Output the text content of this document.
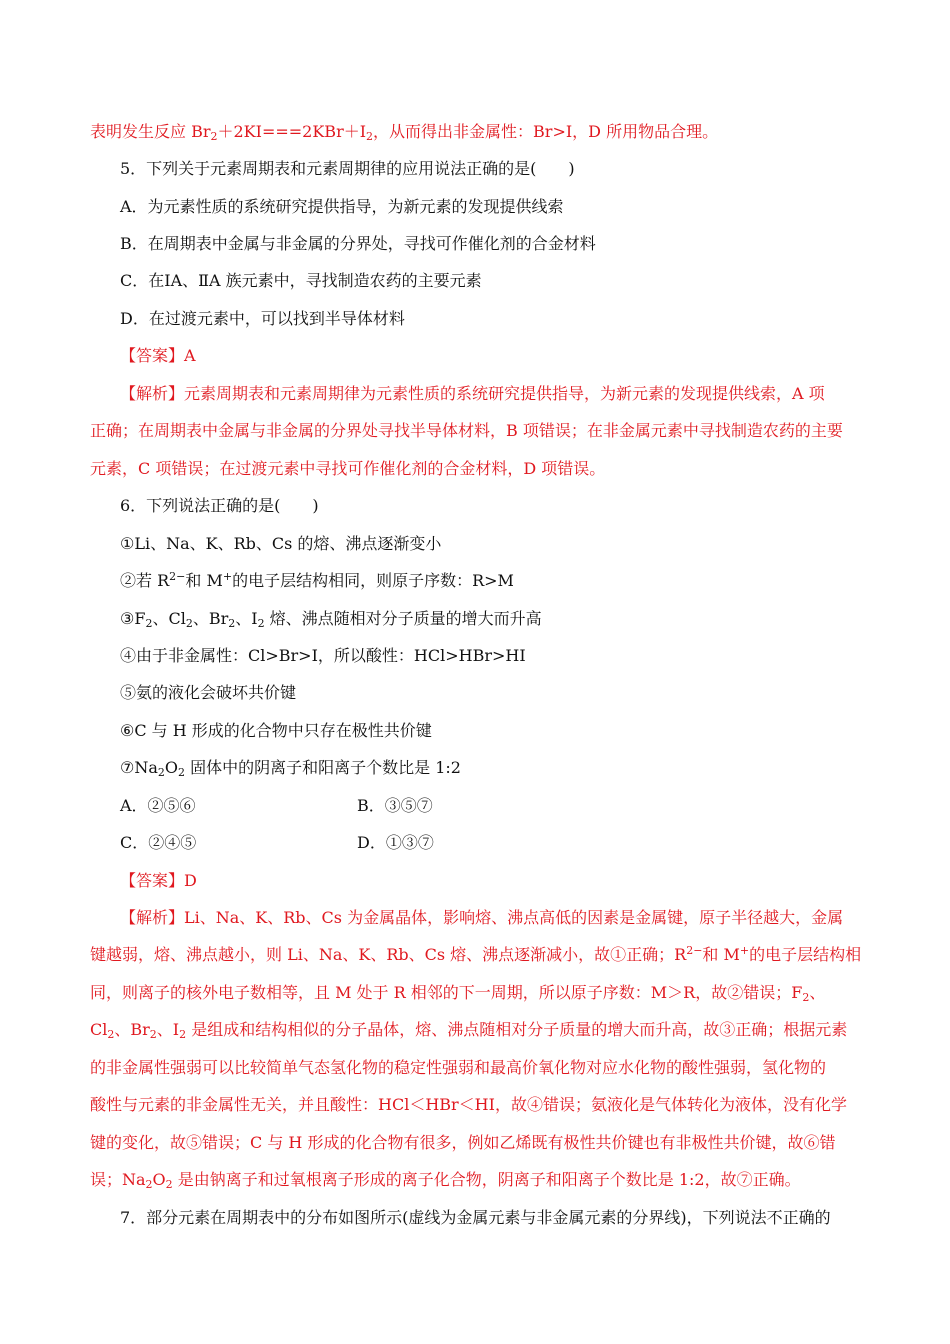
表明发生反应 $Br_2+2KI===2KBr+I_2$，从而得出非金属性：Br>I，D 所用物品合理。
5．下列关于元素周期表和元素周期律的应用说法正确的是(　　)
A．为元素性质的系统研究提供指导，为新元素的发现提供线索
B．在周期表中金属与非金属的分界处，寻找可作催化剂的合金材料
C．在ⅠA、ⅡA 族元素中，寻找制造农药的主要元素
D．在过渡元素中，可以找到半导体材料
【答案】A
【解析】元素周期表和元素周期律为元素性质的系统研究提供指导，为新元素的发现提供线索，A 项
正确；在周期表中金属与非金属的分界处寻找半导体材料，B 项错误；在非金属元素中寻找制造农药的主要
元素，C 项错误；在过渡元素中寻找可作催化剂的合金材料，D 项错误。
6．下列说法正确的是(　　)
①Li、Na、K、Rb、Cs 的熔、沸点逐渐变小
②若 $R^{2-}$和 M+的电子层结构相同，则原子序数：R>M
$③F_2$、$Cl_2$、$Br_2$、$I_2$ 熔、沸点随相对分子质量的增大而升高
④由于非金属性：Cl>Br>I，所以酸性：HCl>HBr>HI
⑤氨的液化会破坏共价键
⑥C 与 H 形成的化合物中只存在极性共价键
$⑦Na_2O_2$ 固体中的阴离子和阳离子个数比是 1:2
A．②⑤⑥	B．③⑤⑦
C．②④⑤	D．①③⑦
【答案】D
【解析】Li、Na、K、Rb、Cs 为金属晶体，影响熔、沸点高低的因素是金属键，原子半径越大，金属
键越弱，熔、沸点越小，则 Li、Na、K、Rb、Cs 熔、沸点逐渐减小，故①正确；$R^{2-}$和 M+的电子层结构相
同，则离子的核外电子数相等，且 M 处于 R 相邻的下一周期，所以原子序数：M＞R，故②错误；$F_2$、
$Cl_2$、$Br_2$、$I_2$ 是组成和结构相似的分子晶体，熔、沸点随相对分子质量的增大而升高，故③正确；根据元素
的非金属性强弱可以比较简单气态氢化物的稳定性强弱和最高价氧化物对应水化物的酸性强弱，氢化物的
酸性与元素的非金属性无关，并且酸性：HCl＜HBr＜HI，故④错误；氨液化是气体转化为液体，没有化学
键的变化，故⑤错误；C 与 H 形成的化合物有很多，例如乙烯既有极性共价键也有非极性共价键，故⑥错
误；$Na_2O_2$ 是由钠离子和过氧根离子形成的离子化合物，阴离子和阳离子个数比是 1:2，故⑦正确。
7．部分元素在周期表中的分布如图所示(虚线为金属元素与非金属元素的分界线)，下列说法不正确的
